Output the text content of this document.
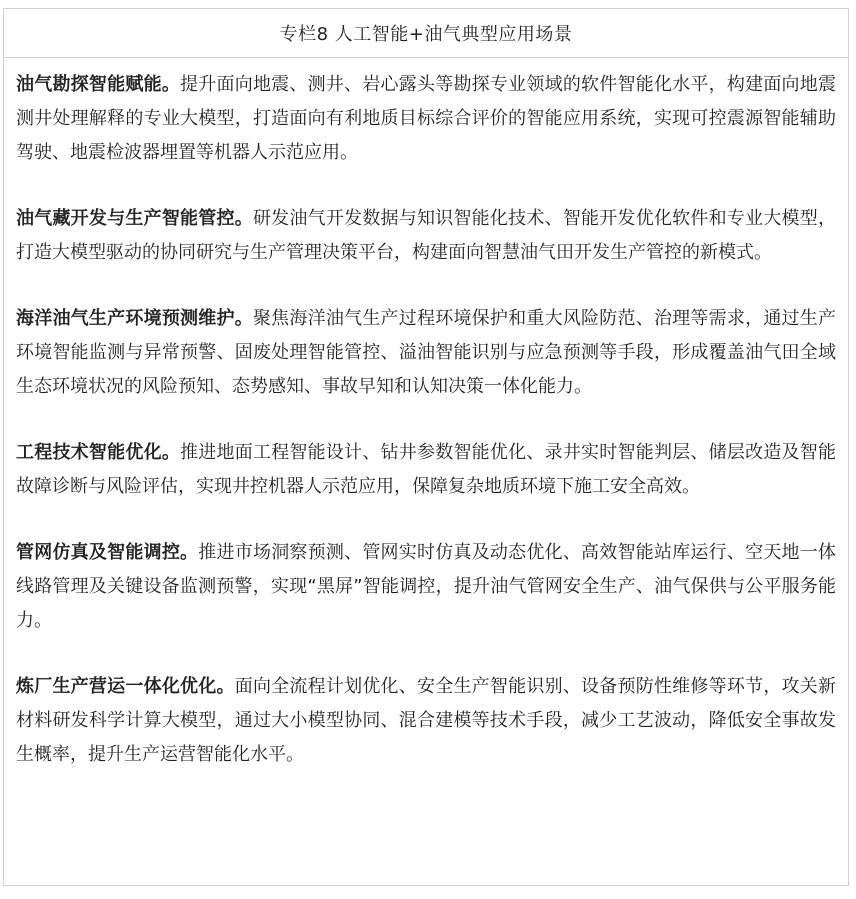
专栏8 人工智能+油气典型应用场景

油气勘探智能赋能。提升面向地震、测井、岩心露头等勘探专业领域的软件智能化水平，构建面向地震测井处理解释的专业大模型，打造面向有利地质目标综合评价的智能应用系统，实现可控震源智能辅助驾驶、地震检波器埋置等机器人示范应用。

油气藏开发与生产智能管控。研发油气开发数据与知识智能化技术、智能开发优化软件和专业大模型，打造大模型驱动的协同研究与生产管理决策平台，构建面向智慧油气田开发生产管控的新模式。

海洋油气生产环境预测维护。聚焦海洋油气生产过程环境保护和重大风险防范、治理等需求，通过生产环境智能监测与异常预警、固废处理智能管控、溢油智能识别与应急预测等手段，形成覆盖油气田全域生态环境状况的风险预知、态势感知、事故早知和认知决策一体化能力。

工程技术智能优化。推进地面工程智能设计、钻井参数智能优化、录井实时智能判层、储层改造及智能故障诊断与风险评估，实现井控机器人示范应用，保障复杂地质环境下施工安全高效。

管网仿真及智能调控。推进市场洞察预测、管网实时仿真及动态优化、高效智能站库运行、空天地一体线路管理及关键设备监测预警，实现“黑屏”智能调控，提升油气管网安全生产、油气保供与公平服务能力。

炼厂生产营运一体化优化。面向全流程计划优化、安全生产智能识别、设备预防性维修等环节，攻关新材料研发科学计算大模型，通过大小模型协同、混合建模等技术手段，减少工艺波动，降低安全事故发生概率，提升生产运营智能化水平。
